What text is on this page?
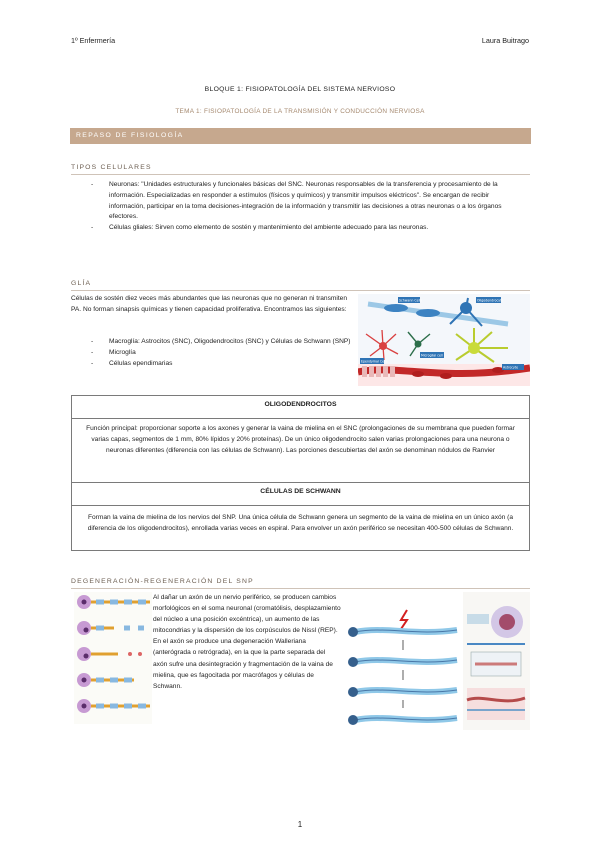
1º Enfermería	Laura Buitrago
BLOQUE 1: FISIOPATOLOGÍA DEL SISTEMA NERVIOSO
TEMA 1: FISIOPATOLOGÍA DE LA TRANSMISIÓN Y CONDUCCIÓN NERVIOSA
REPASO DE FISIOLOGÍA
TIPOS CELULARES
- Neuronas: "Unidades estructurales y funcionales básicas del SNC. Neuronas responsables de la transferencia y procesamiento de la información. Especializadas en responder a estímulos (físicos y químicos) y transmitir impulsos eléctricos". Se encargan de recibir información, participar en la toma decisiones-integración de la información y transmitir las decisiones a otras neuronas o a los órganos efectores.
- Células gliales: Sirven como elemento de sostén y mantenimiento del ambiente adecuado para las neuronas.
GLÍA
Células de sostén diez veces más abundantes que las neuronas que no generan ni transmiten PA. No forman sinapsis químicas y tienen capacidad proliferativa. Encontramos las siguientes:
- Macroglía: Astrocitos (SNC), Oligodendrocitos (SNC) y Células de Schwann (SNP)
- Microglía
- Células ependimarias
Schwann Cells	Oligodendrocyte
Microglial cell
Ependymal Cells
Astrocyte
OLIGODENDROCITOS
Función principal: proporcionar soporte a los axones y generar la vaina de mielina en el SNC (prolongaciones de su membrana que pueden formar varias capas, segmentos de 1 mm, 80% lípidos y 20% proteínas). De un único oligodendrocito salen varias prolongaciones para una neurona o neuronas diferentes (diferencia con las células de Schwann). Las porciones descubiertas del axón se denominan nódulos de Ranvier
CÉLULAS DE SCHWANN
Forman la vaina de mielina de los nervios del SNP. Una única célula de Schwann genera un segmento de la vaina de mielina en un único axón (a diferencia de los oligodendrocitos), enrollada varias veces en espiral. Para envolver un axón periférico se necesitan 400-500 células de Schwann.
DEGENERACIÓN-REGENERACIÓN DEL SNP
Al dañar un axón de un nervio periférico, se producen cambios morfológicos en el soma neuronal (cromatólisis, desplazamiento del núcleo a una posición excéntrica), un aumento de las mitocondrias y la dispersión de los corpúsculos de Nissl (REP). En el axón se produce una degeneración Walleriana (anterógrada o retrógrada), en la que la parte separada del axón sufre una desintegración y fragmentación de la vaina de mielina, que es fagocitada por macrófagos y células de Schwann.
1
